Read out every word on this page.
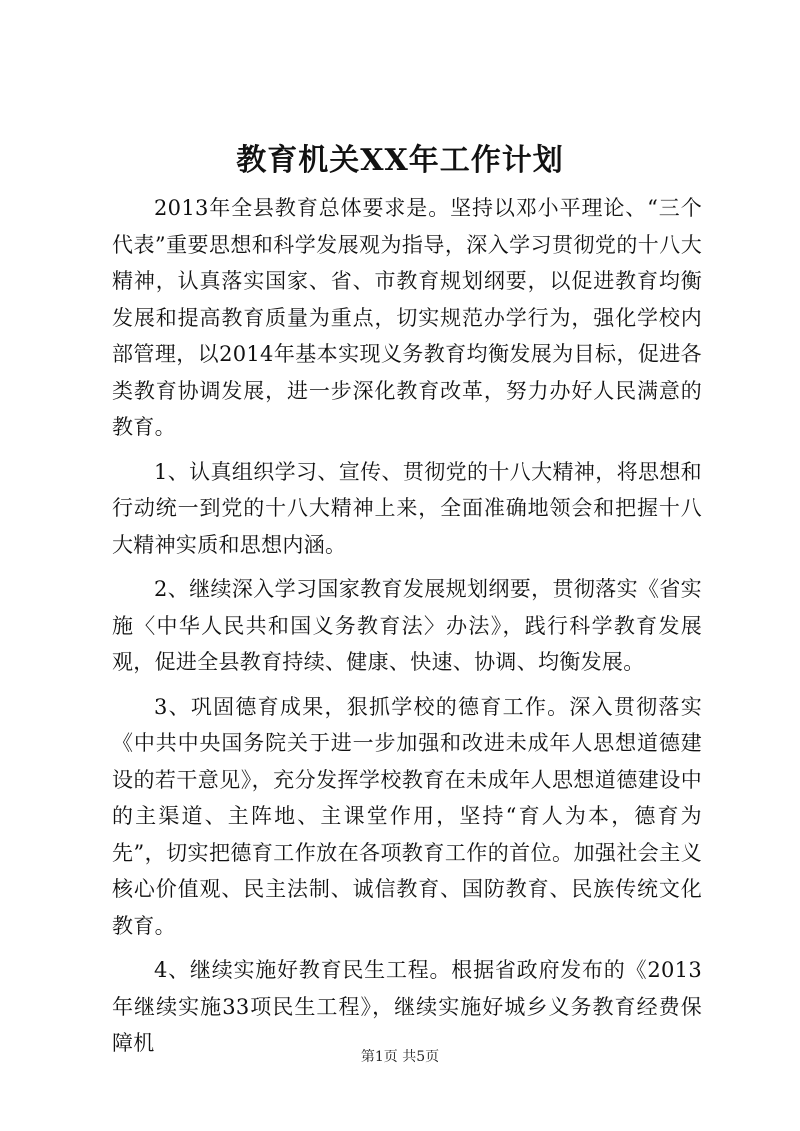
教育机关XX年工作计划

2013年全县教育总体要求是。坚持以邓小平理论、“三个代表”重要思想和科学发展观为指导，深入学习贯彻党的十八大精神，认真落实国家、省、市教育规划纲要，以促进教育均衡发展和提高教育质量为重点，切实规范办学行为，强化学校内部管理，以2014年基本实现义务教育均衡发展为目标，促进各类教育协调发展，进一步深化教育改革，努力办好人民满意的教育。

1、认真组织学习、宣传、贯彻党的十八大精神，将思想和行动统一到党的十八大精神上来，全面准确地领会和把握十八大精神实质和思想内涵。

2、继续深入学习国家教育发展规划纲要，贯彻落实《省实施〈中华人民共和国义务教育法〉办法》，践行科学教育发展观，促进全县教育持续、健康、快速、协调、均衡发展。

3、巩固德育成果，狠抓学校的德育工作。深入贯彻落实《中共中央国务院关于进一步加强和改进未成年人思想道德建设的若干意见》，充分发挥学校教育在未成年人思想道德建设中的主渠道、主阵地、主课堂作用，坚持“育人为本，德育为先”，切实把德育工作放在各项教育工作的首位。加强社会主义核心价值观、民主法制、诚信教育、国防教育、民族传统文化教育。

4、继续实施好教育民生工程。根据省政府发布的《2013年继续实施33项民生工程》，继续实施好城乡义务教育经费保障机

第1页 共5页
